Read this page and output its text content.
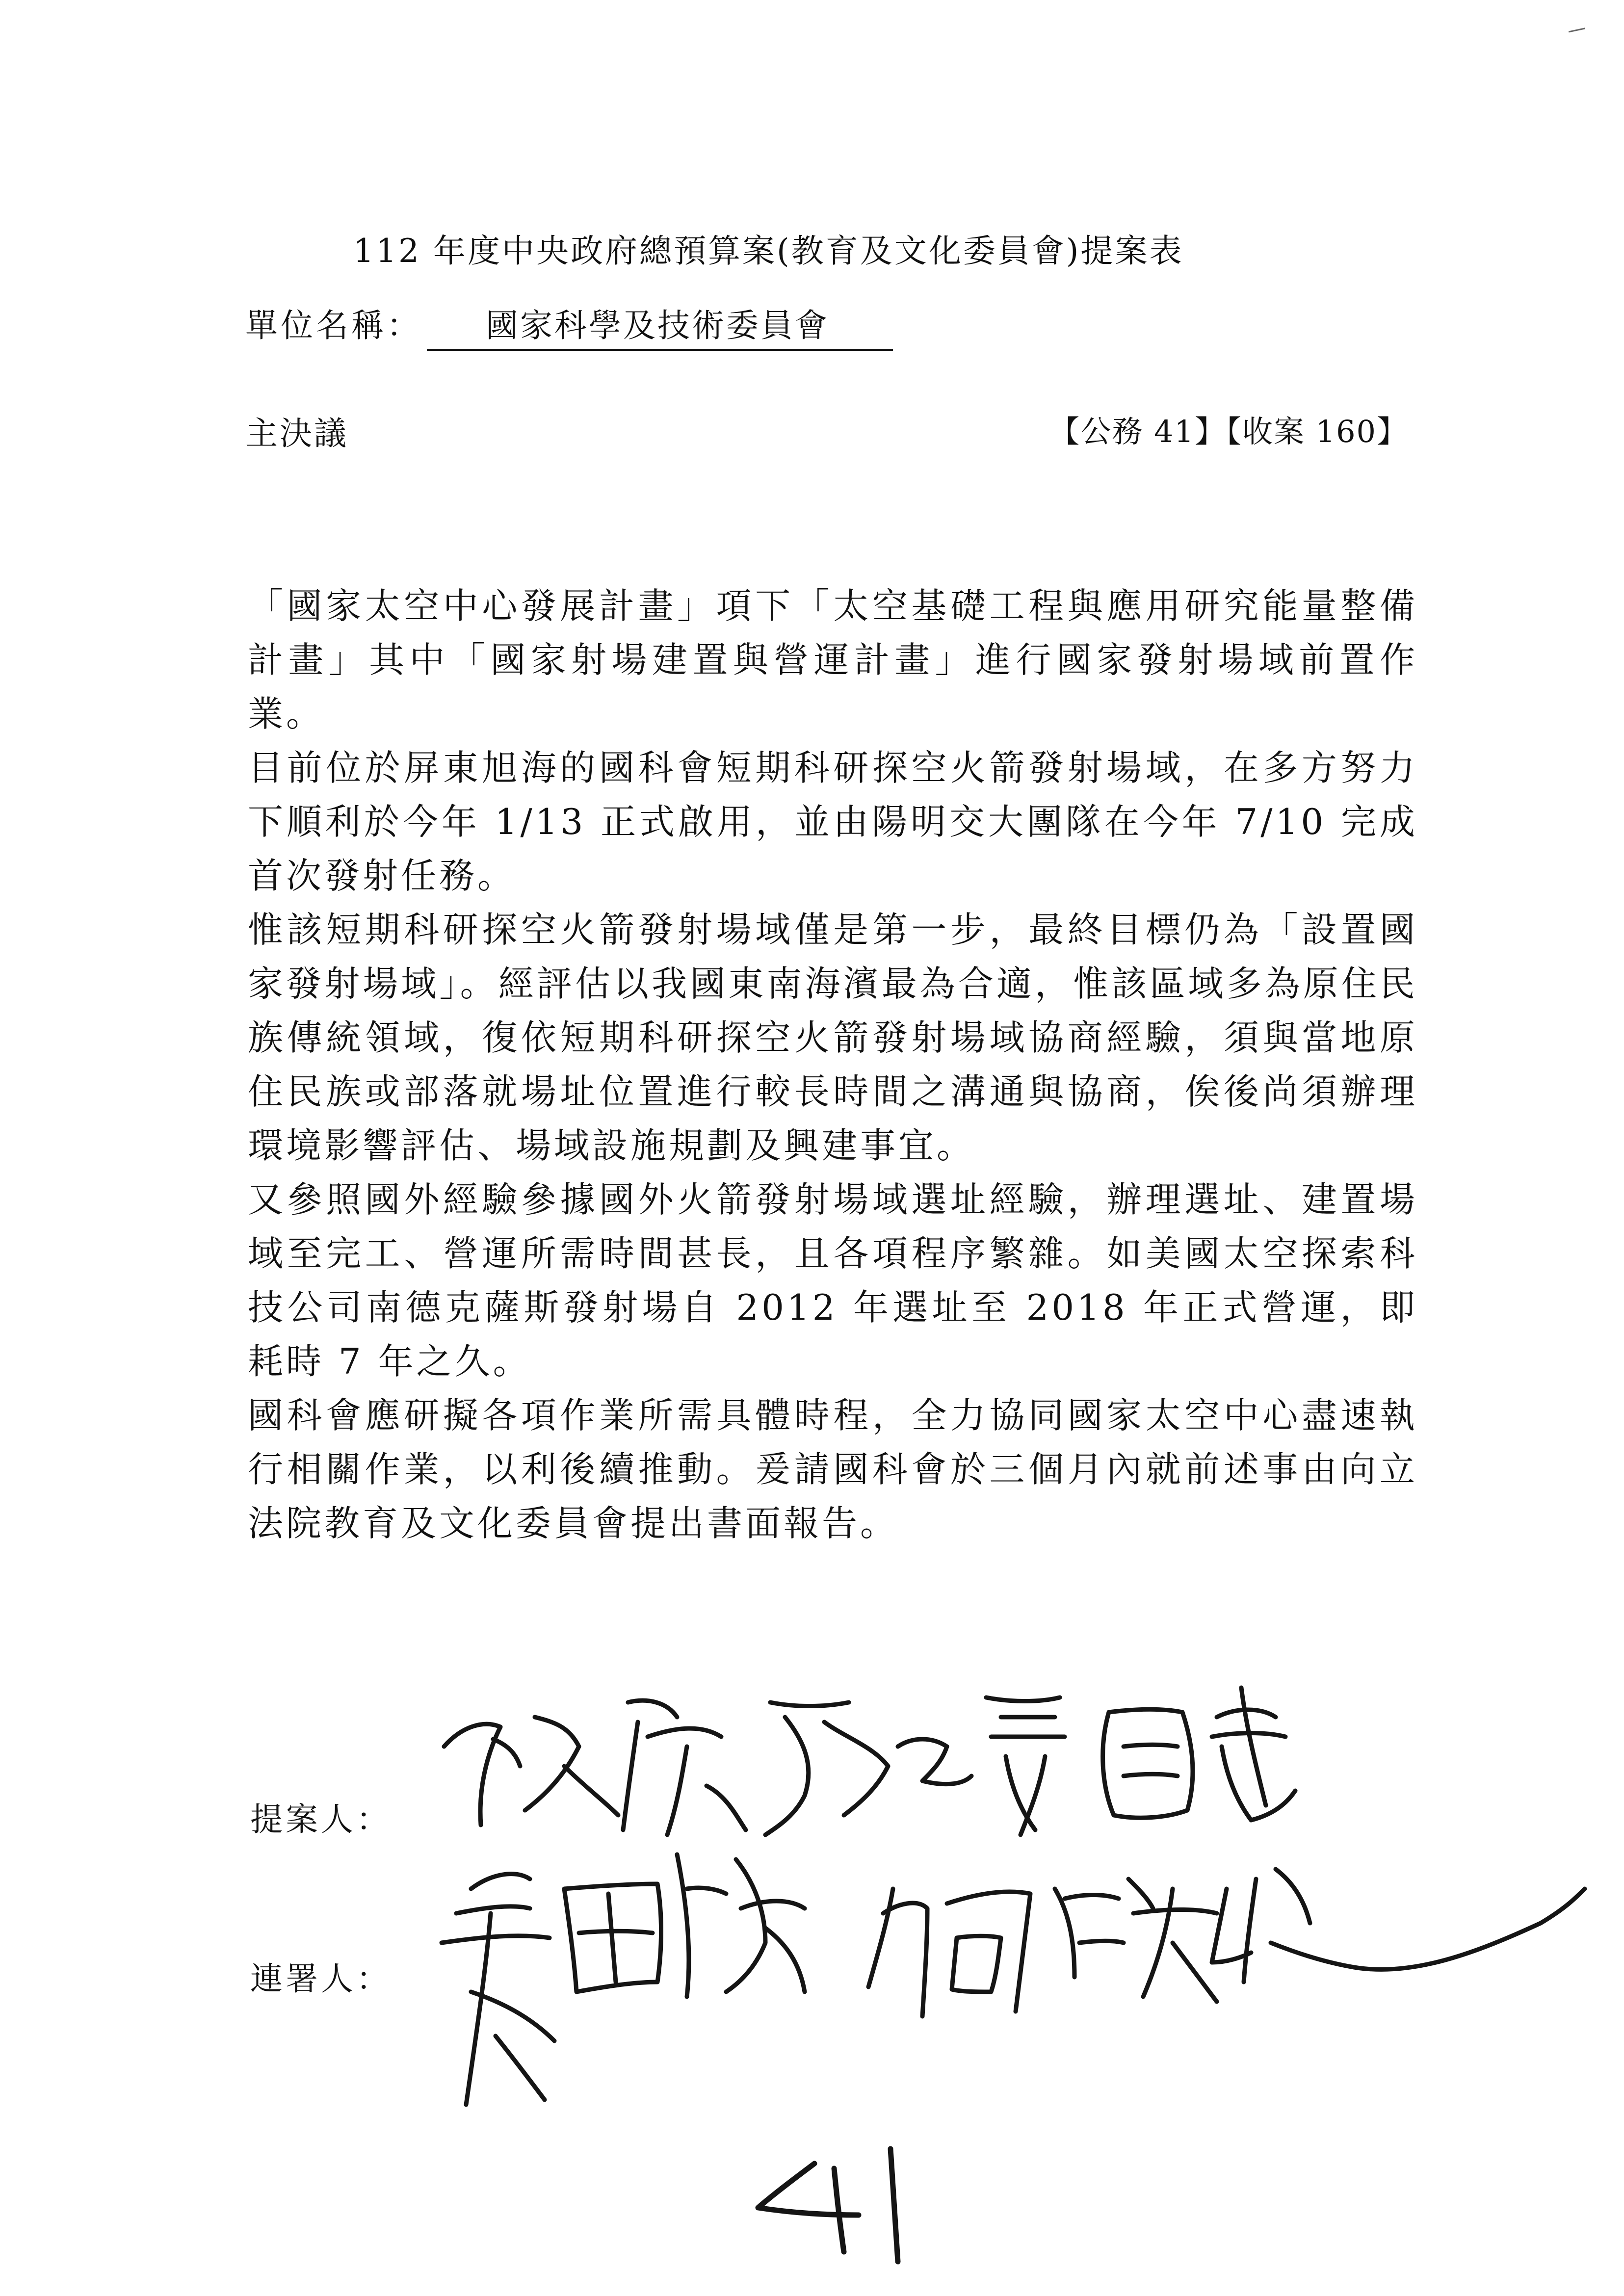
112 年度中央政府總預算案(教育及文化委員會)提案表
單位名稱： 國家科學及技術委員會
主決議	【公務 41】【收案 160】

「國家太空中心發展計畫」項下「太空基礎工程與應用研究能量整備計畫」其中「國家射場建置與營運計畫」進行國家發射場域前置作業。

目前位於屏東旭海的國科會短期科研探空火箭發射場域，在多方努力下順利於今年 1/13 正式啟用，並由陽明交大團隊在今年 7/10 完成首次發射任務。

惟該短期科研探空火箭發射場域僅是第一步，最終目標仍為「設置國家發射場域」。經評估以我國東南海濱最為合適，惟該區域多為原住民族傳統領域，復依短期科研探空火箭發射場域協商經驗，須與當地原住民族或部落就場址位置進行較長時間之溝通與協商，俟後尚須辦理環境影響評估、場域設施規劃及興建事宜。

又參照國外經驗參據國外火箭發射場域選址經驗，辦理選址、建置場域至完工、營運所需時間甚長，且各項程序繁雜。如美國太空探索科技公司南德克薩斯發射場自 2012 年選址至 2018 年正式營運，即耗時 7 年之久。

國科會應研擬各項作業所需具體時程，全力協同國家太空中心盡速執行相關作業，以利後續推動。爰請國科會於三個月內就前述事由向立法院教育及文化委員會提出書面報告。

提案人：
連署人：
